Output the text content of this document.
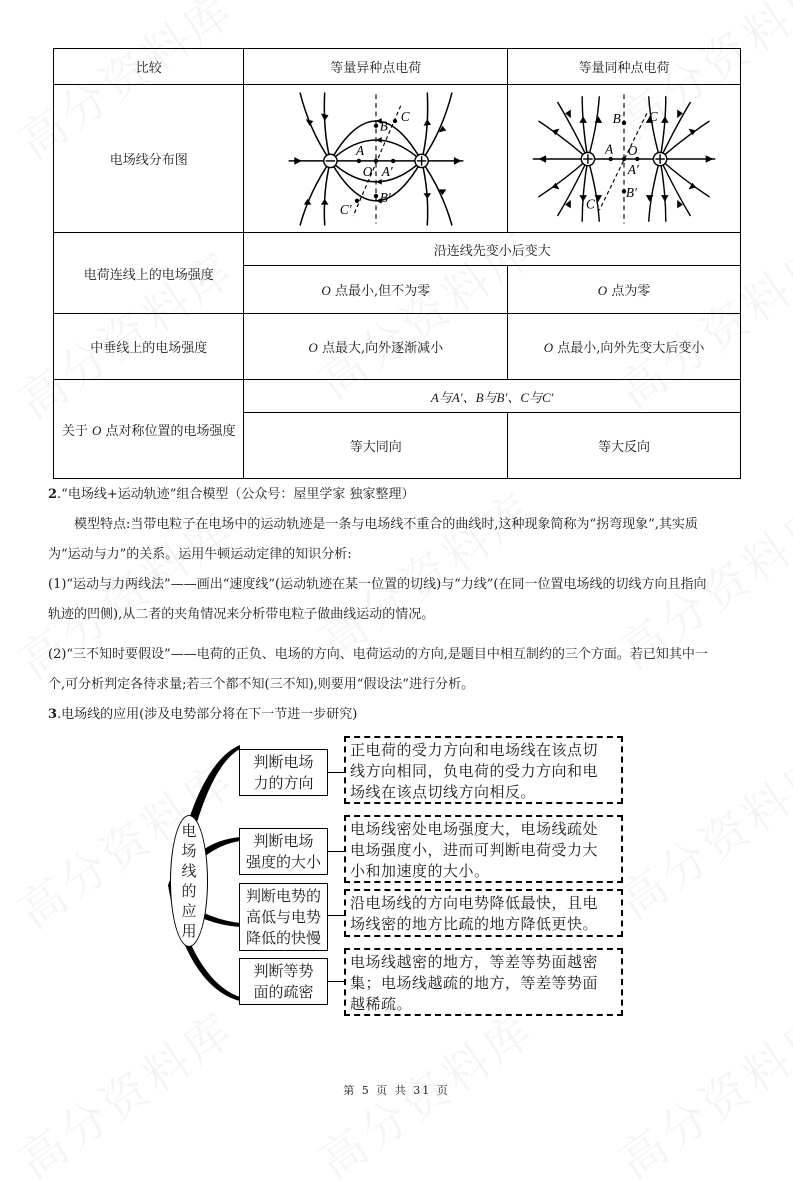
比较	等量异种点电荷	等量同种点电荷
电场线分布图	
B
C
A
O A′
B′
C′

B C
A O
A′
B′
C′

电荷连线上的电场强度	沿连线先变小后变大	
	O 点最小,但不为零	O 点为零
中垂线上的电场强度	O 点最大,向外逐渐减小	O 点最小,向外先变大后变小
关于 O 点对称位置的电场强度	A与A′、B与B′、C与C′	
	等大同向	等大反向
2.“电场线+运动轨迹”组合模型（公众号：屋里学家 独家整理）
模型特点:当带电粒子在电场中的运动轨迹是一条与电场线不重合的曲线时,这种现象简称为“拐弯现象”,其实质
为“运动与力”的关系。运用牛顿运动定律的知识分析:
(1)“运动与力两线法”——画出“速度线”(运动轨迹在某一位置的切线)与“力线”(在同一位置电场线的切线方向且指向
轨迹的凹侧),从二者的夹角情况来分析带电粒子做曲线运动的情况。
(2)“三不知时要假设”——电荷的正负、电场的方向、电荷运动的方向,是题目中相互制约的三个方面。若已知其中一
个,可分析判定各待求量;若三个都不知(三不知),则要用“假设法”进行分析。
3.电场线的应用(涉及电势部分将在下一节进一步研究)
电
场
线
的
应
用
判断电场
力的方向
正电荷的受力方向和电场线在该点切
线方向相同，负电荷的受力方向和电
场线在该点切线方向相反。
判断电场
强度的大小
电场线密处电场强度大，电场线疏处
电场强度小，进而可判断电荷受力大
小和加速度的大小。
判断电势的
高低与电势
降低的快慢
沿电场线的方向电势降低最快，且电
场线密的地方比疏的地方降低更快。
判断等势
面的疏密
电场线越密的地方，等差等势面越密
集；电场线越疏的地方，等差等势面
越稀疏。
第 5 页 共 31 页
